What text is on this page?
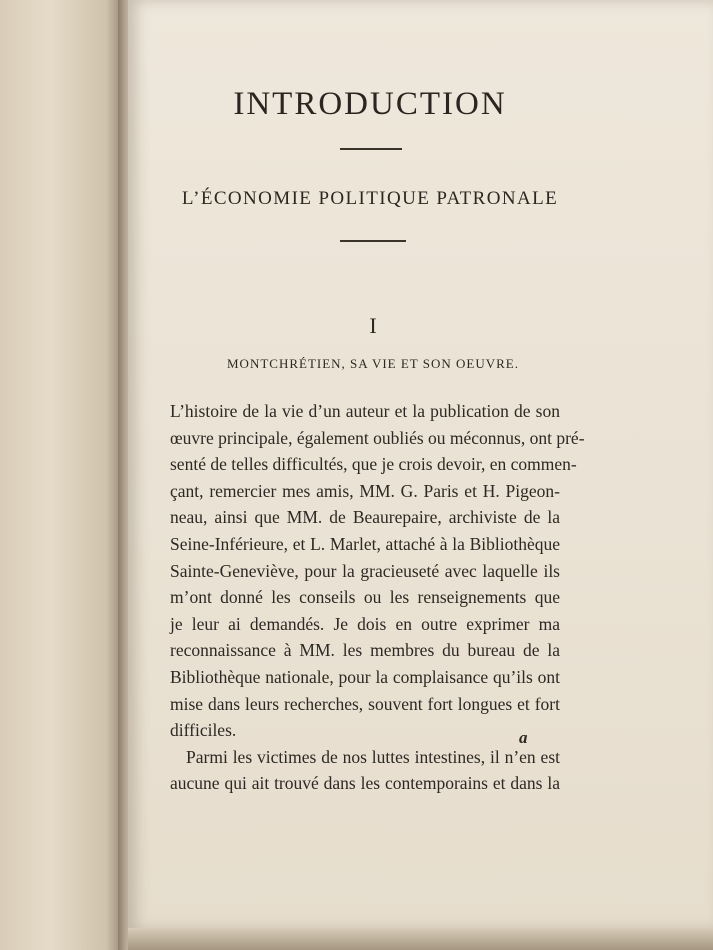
INTRODUCTION
L’ÉCONOMIE POLITIQUE PATRONALE
I
MONTCHRÉTIEN, SA VIE ET SON OEUVRE.
L’histoire de la vie d’un auteur et la publication de son
œuvre principale, également oubliés ou méconnus, ont pré-
senté de telles difficultés, que je crois devoir, en commen-
çant, remercier mes amis, MM. G. Paris et H. Pigeon-
neau, ainsi que MM. de Beaurepaire, archiviste de la
Seine-Inférieure, et L. Marlet, attaché à la Bibliothèque
Sainte-Geneviève, pour la gracieuseté avec laquelle ils
m’ont donné les conseils ou les renseignements que
je leur ai demandés. Je dois en outre exprimer ma
reconnaissance à MM. les membres du bureau de la
Bibliothèque nationale, pour la complaisance qu’ils ont
mise dans leurs recherches, souvent fort longues et fort
difficiles.
Parmi les victimes de nos luttes intestines, il n’en est
aucune qui ait trouvé dans les contemporains et dans la
a
